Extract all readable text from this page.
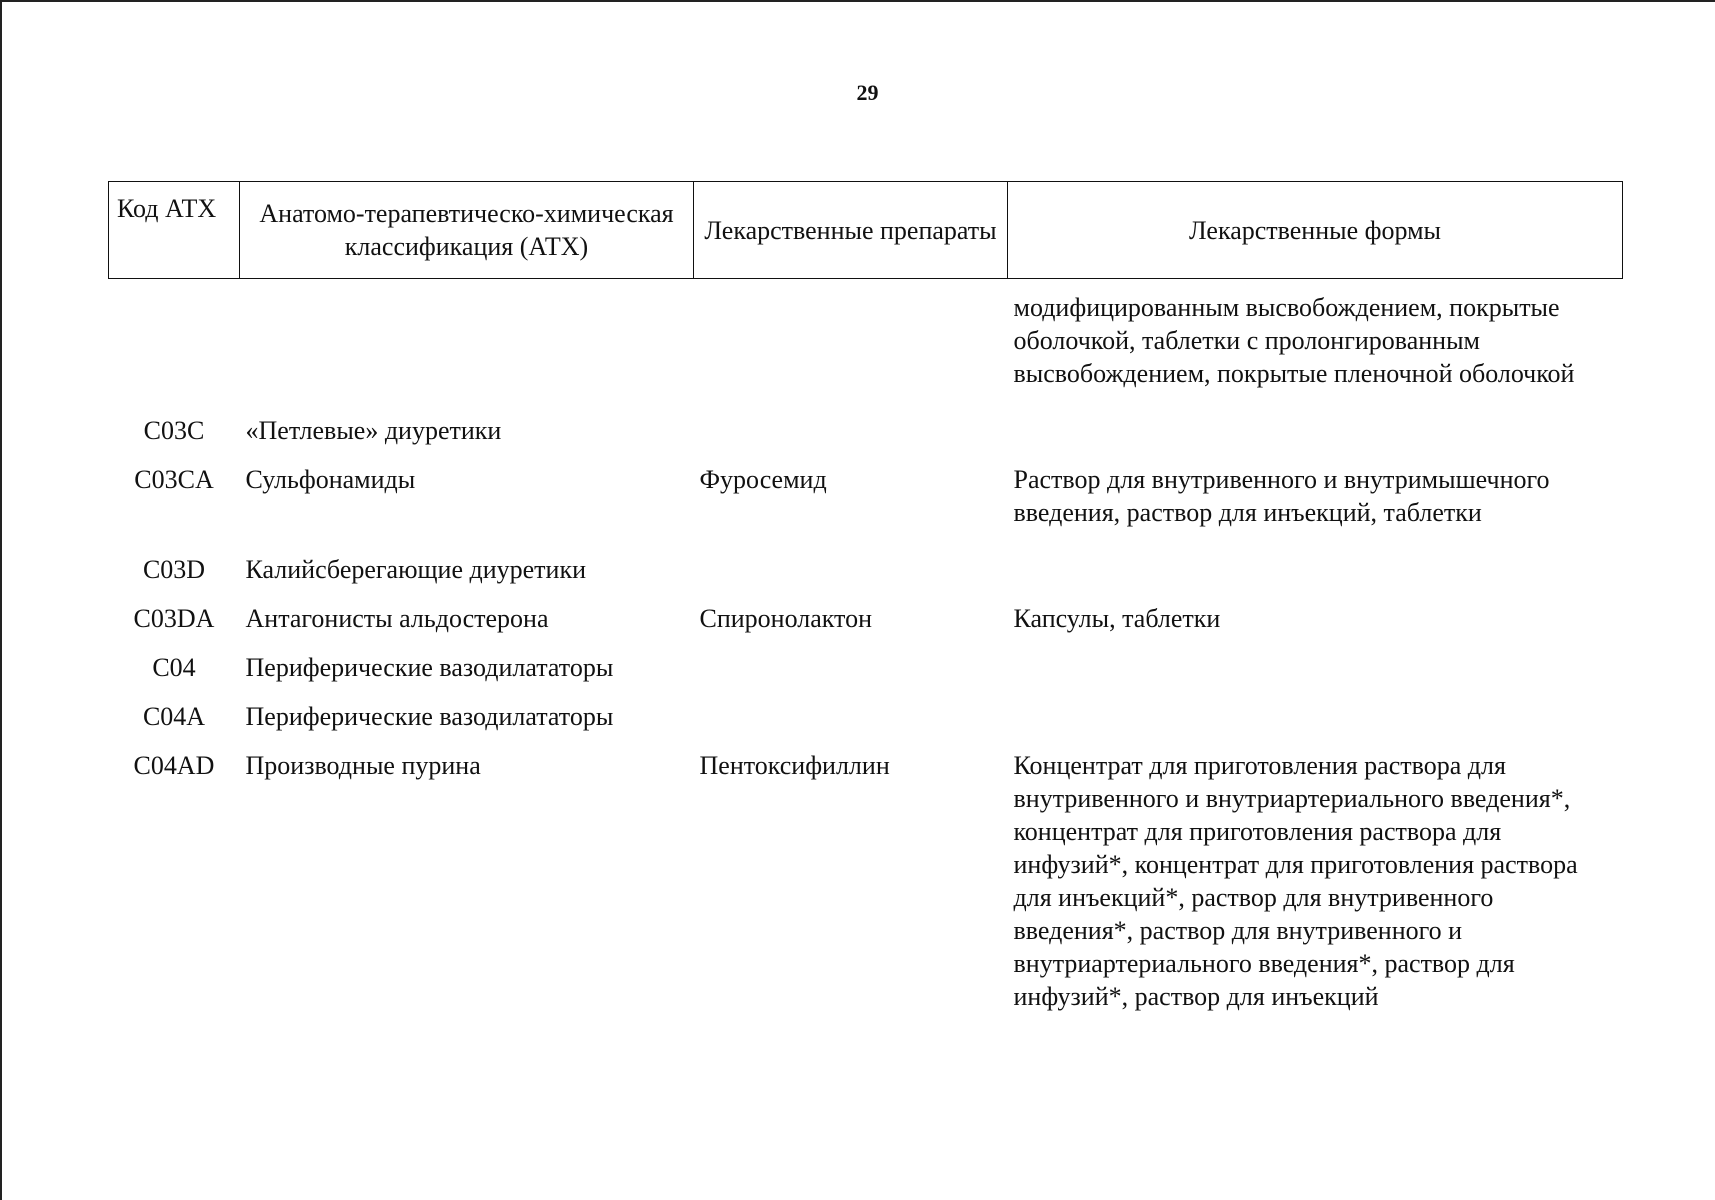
29
Код АТХ	Анатомо-терапевтическо-химическая классификация (АТХ)	Лекарственные препараты	Лекарственные формы
			модифицированным высвобождением, покрытые оболочкой, таблетки с пролонгированным высвобождением, покрытые пленочной оболочкой
C03C	«Петлевые» диуретики		
C03CA	Сульфонамиды	Фуросемид	Раствор для внутривенного и внутримышечного введения, раствор для инъекций, таблетки
C03D	Калийсберегающие диуретики		
C03DA	Антагонисты альдостерона	Спиронолактон	Капсулы, таблетки
C04	Периферические вазодилататоры		
C04A	Периферические вазодилататоры		
C04AD	Производные пурина	Пентоксифиллин	Концентрат для приготовления раствора для внутривенного и внутриартериального введения*, концентрат для приготовления раствора для инфузий*, концентрат для приготовления раствора для инъекций*, раствор для внутривенного введения*, раствор для внутривенного и внутриартериального введения*, раствор для инфузий*, раствор для инъекций
